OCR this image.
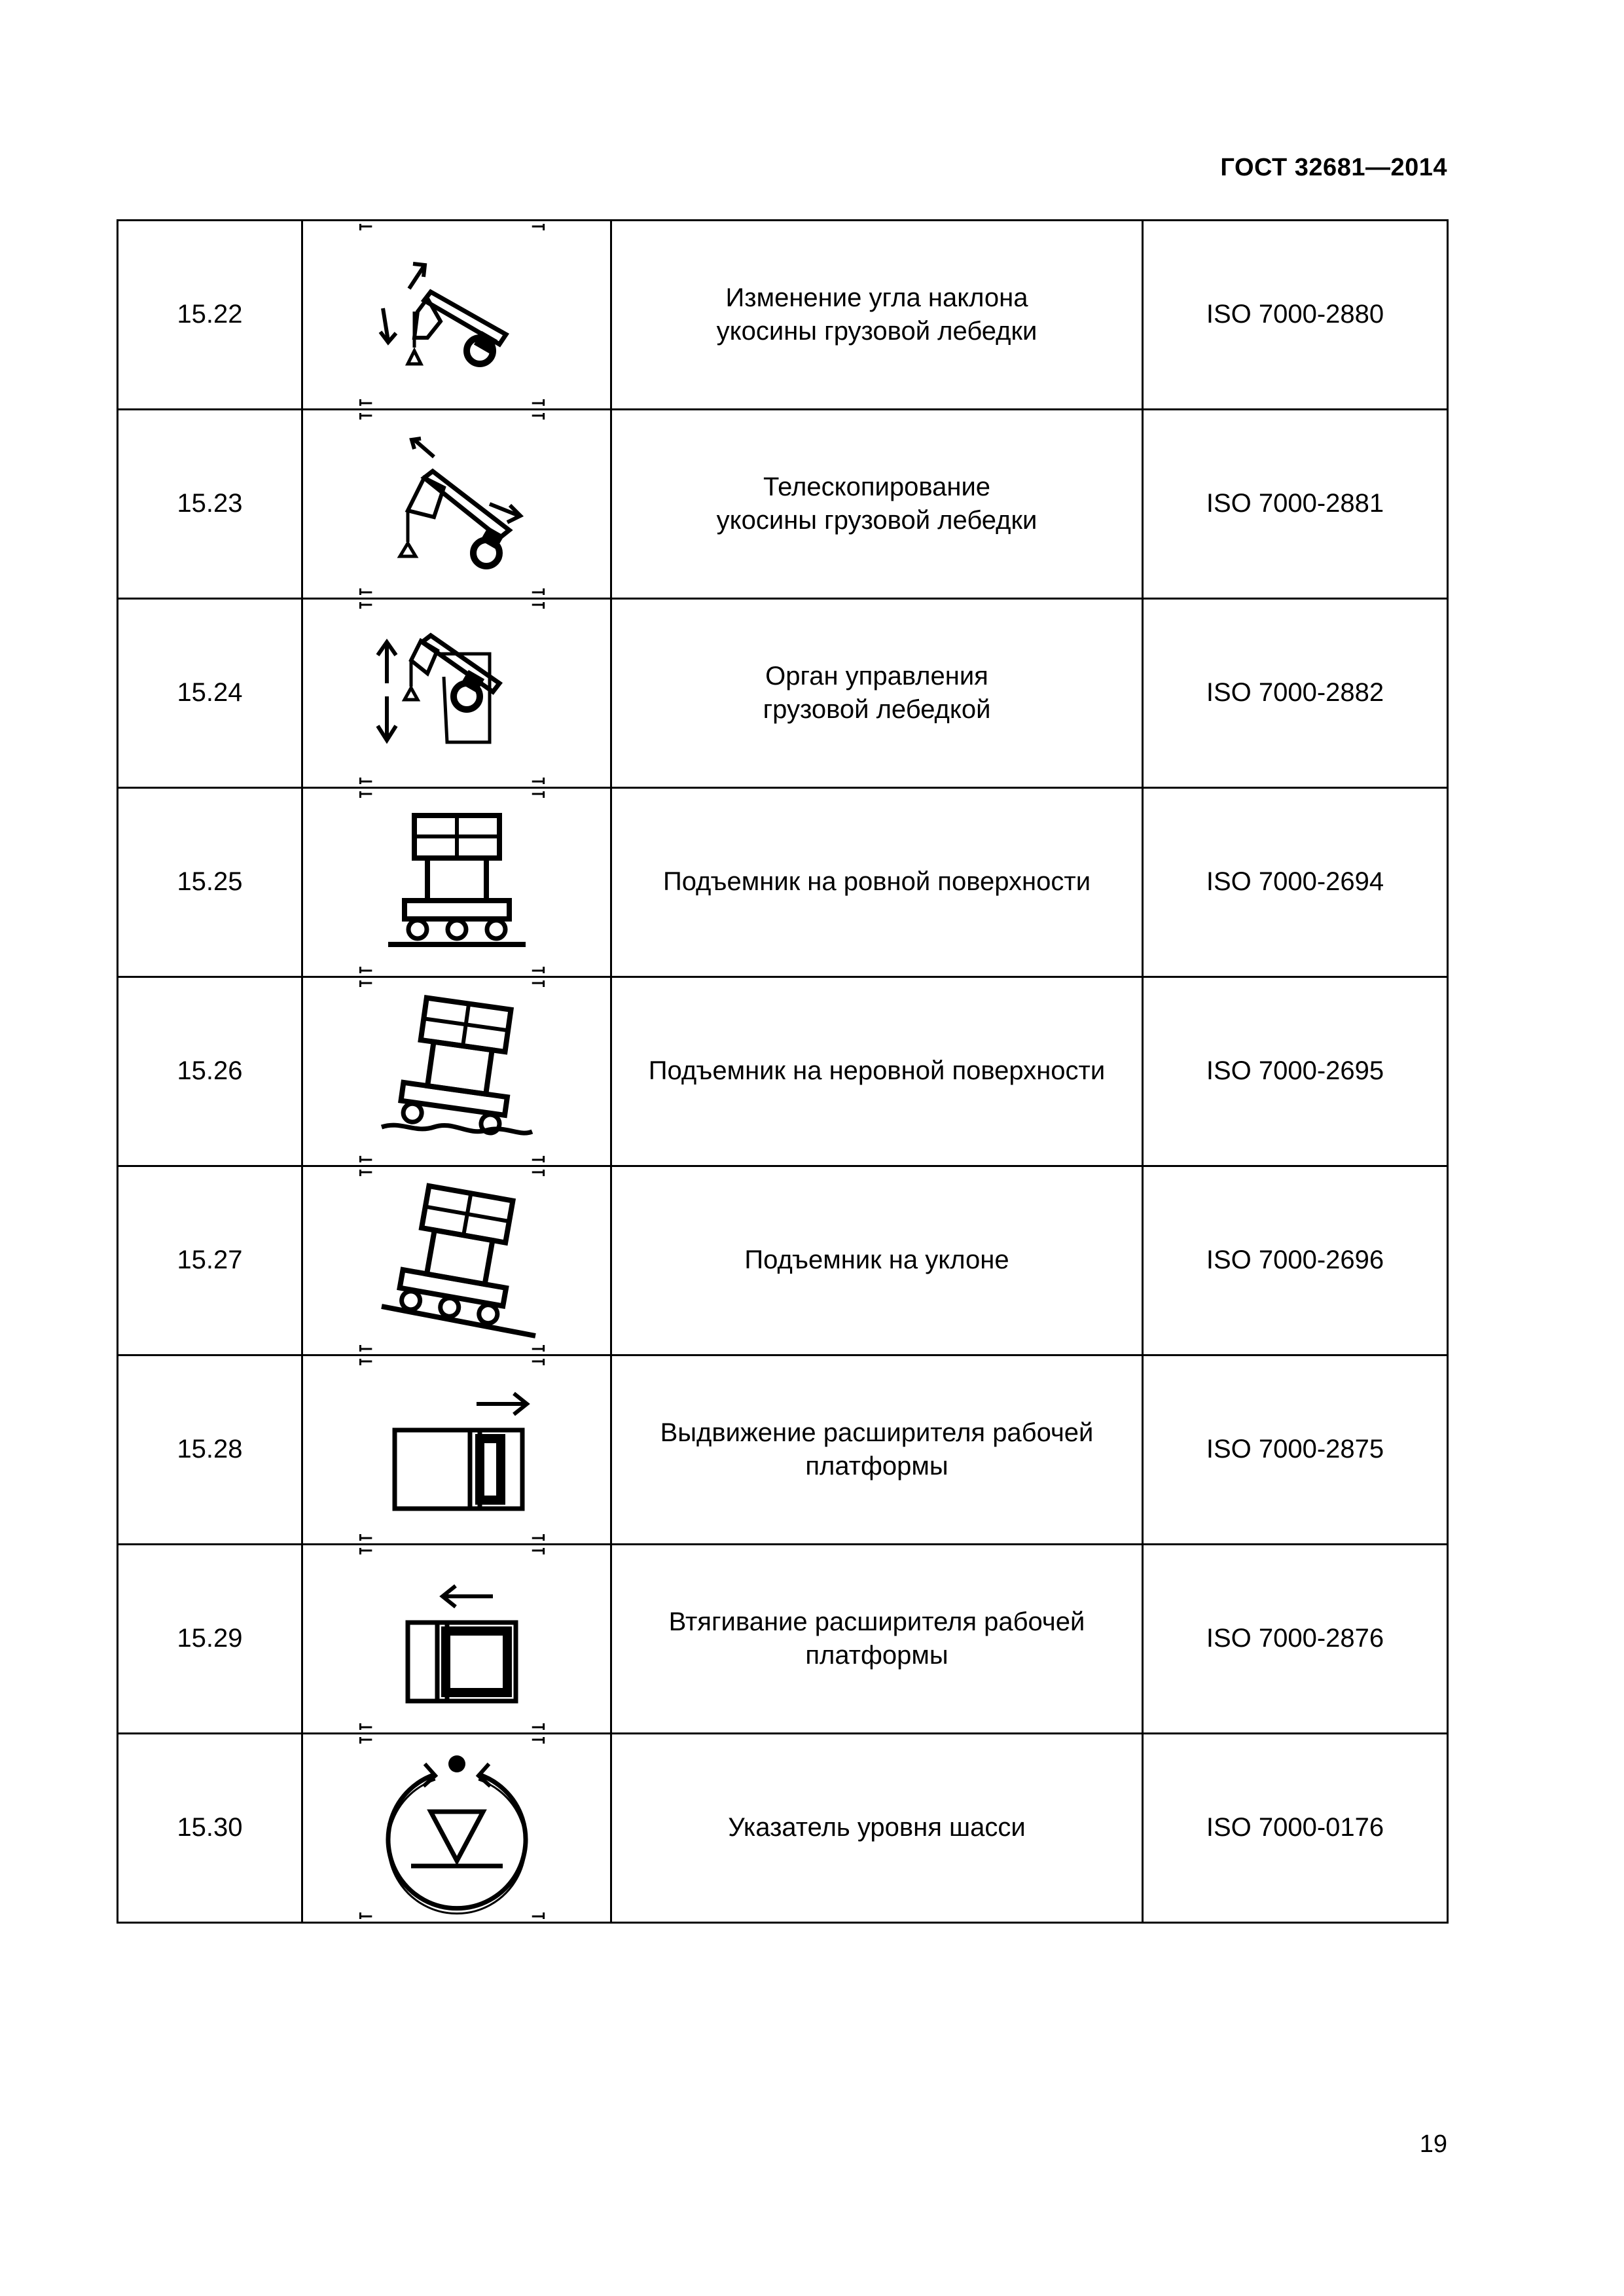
ГОСТ 32681—2014
15.22		Изменение угла наклона
укосины грузовой лебедки	ISO 7000-2880
15.23		Телескопирование
укосины грузовой лебедки	ISO 7000-2881
15.24		Орган управления
грузовой лебедкой	ISO 7000-2882
15.25		Подъемник на ровной поверхности	ISO 7000-2694
15.26		Подъемник на неровной поверхности	ISO 7000-2695
15.27		Подъемник на уклоне	ISO 7000-2696
15.28		Выдвижение расширителя рабочей
платформы	ISO 7000-2875
15.29		Втягивание расширителя рабочей
платформы	ISO 7000-2876
15.30		Указатель уровня шасси	ISO 7000-0176
19
